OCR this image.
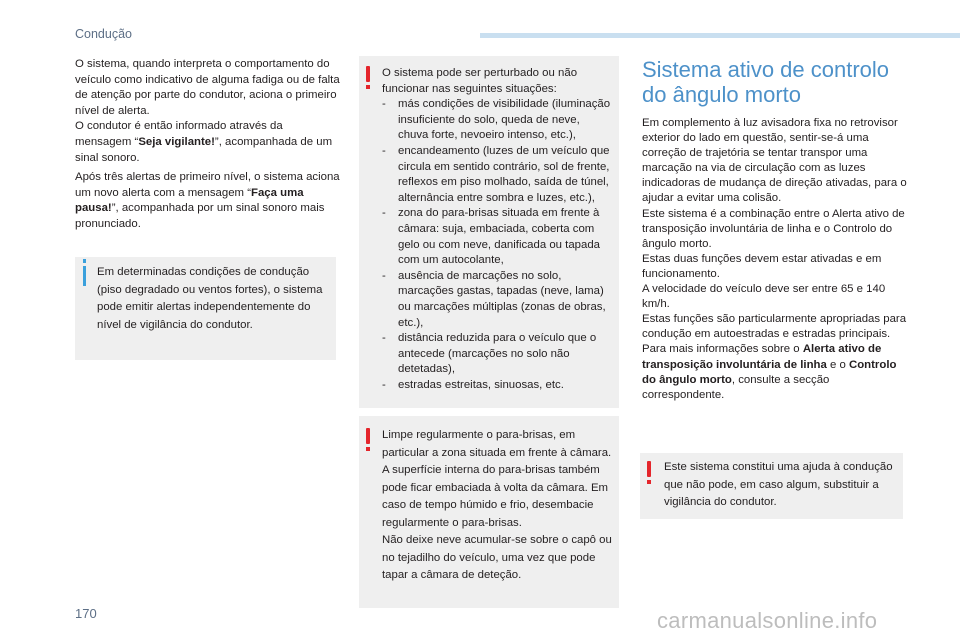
Condução

O sistema, quando interpreta o comportamento do veículo como indicativo de alguma fadiga ou de falta de atenção por parte do condutor, aciona o primeiro nível de alerta.

O condutor é então informado através da mensagem “Seja vigilante!”, acompanhada de um sinal sonoro.

Após três alertas de primeiro nível, o sistema aciona um novo alerta com a mensagem “Faça uma pausa!”, acompanhada por um sinal sonoro mais pronunciado.

Em determinadas condições de condução (piso degradado ou ventos fortes), o sistema pode emitir alertas independentemente do nível de vigilância do condutor.
O sistema pode ser perturbado ou não funcionar nas seguintes situações:
- más condições de visibilidade (iluminação insuficiente do solo, queda de neve, chuva forte, nevoeiro intenso, etc.),
- encandeamento (luzes de um veículo que circula em sentido contrário, sol de frente, reflexos em piso molhado, saída de túnel, alternância entre sombra e luzes, etc.),
- zona do para-brisas situada em frente à câmara: suja, embaciada, coberta com gelo ou com neve, danificada ou tapada com um autocolante,
- ausência de marcações no solo, marcações gastas, tapadas (neve, lama) ou marcações múltiplas (zonas de obras, etc.),
- distância reduzida para o veículo que o antecede (marcações no solo não detetadas),
- estradas estreitas, sinuosas, etc.
Limpe regularmente o para-brisas, em particular a zona situada em frente à câmara.
A superfície interna do para-brisas também pode ficar embaciada à volta da câmara. Em caso de tempo húmido e frio, desembacie regularmente o para-brisas.
Não deixe neve acumular-se sobre o capô ou no tejadilho do veículo, uma vez que pode tapar a câmara de deteção.
Sistema ativo de controlo do ângulo morto
Em complemento à luz avisadora fixa no retrovisor exterior do lado em questão, sentir-se-á uma correção de trajetória se tentar transpor uma marcação na via de circulação com as luzes indicadoras de mudança de direção ativadas, para o ajudar a evitar uma colisão.
Este sistema é a combinação entre o Alerta ativo de transposição involuntária de linha e o Controlo do ângulo morto.
Estas duas funções devem estar ativadas e em funcionamento.
A velocidade do veículo deve ser entre 65 e 140 km/h.
Estas funções são particularmente apropriadas para condução em autoestradas e estradas principais.
Para mais informações sobre o Alerta ativo de transposição involuntária de linha e o Controlo do ângulo morto, consulte a secção correspondente.
Este sistema constitui uma ajuda à condução que não pode, em caso algum, substituir a vigilância do condutor.
170	carmanualsonline.info
